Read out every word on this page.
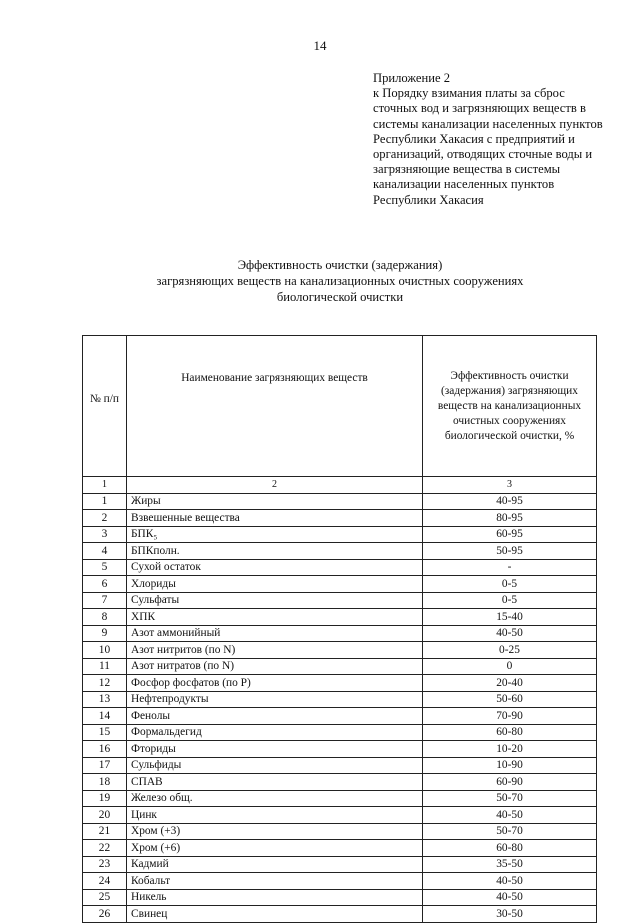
14

Приложение 2

к Порядку взимания платы за сброс сточных вод и загрязняющих веществ в системы канализации населенных пунктов Республики Хакасия с предприятий и организаций, отводящих сточные воды и загрязняющие вещества в системы канализации населенных пунктов Республики Хакасия

Эффективность очистки (задержания)
загрязняющих веществ на канализационных очистных сооружениях
биологической очистки
№ п/п	Наименование загрязняющих веществ	Эффективность очистки (задержания) загрязняющих веществ на канализационных очистных сооружениях биологической очистки, %
1	2	3
1	Жиры	40-95
2	Взвешенные вещества	80-95
3	БПК₅	60-95
4	БПКполн.	50-95
5	Сухой остаток	-
6	Хлориды	0-5
7	Сульфаты	0-5
8	ХПК	15-40
9	Азот аммонийный	40-50
10	Азот нитритов (по N)	0-25
11	Азот нитратов (по N)	0
12	Фосфор фосфатов (по Р)	20-40
13	Нефтепродукты	50-60
14	Фенолы	70-90
15	Формальдегид	60-80
16	Фториды	10-20
17	Сульфиды	10-90
18	СПАВ	60-90
19	Железо общ.	50-70
20	Цинк	40-50
21	Хром (+3)	50-70
22	Хром (+6)	60-80
23	Кадмий	35-50
24	Кобальт	40-50
25	Никель	40-50
26	Свинец	30-50
